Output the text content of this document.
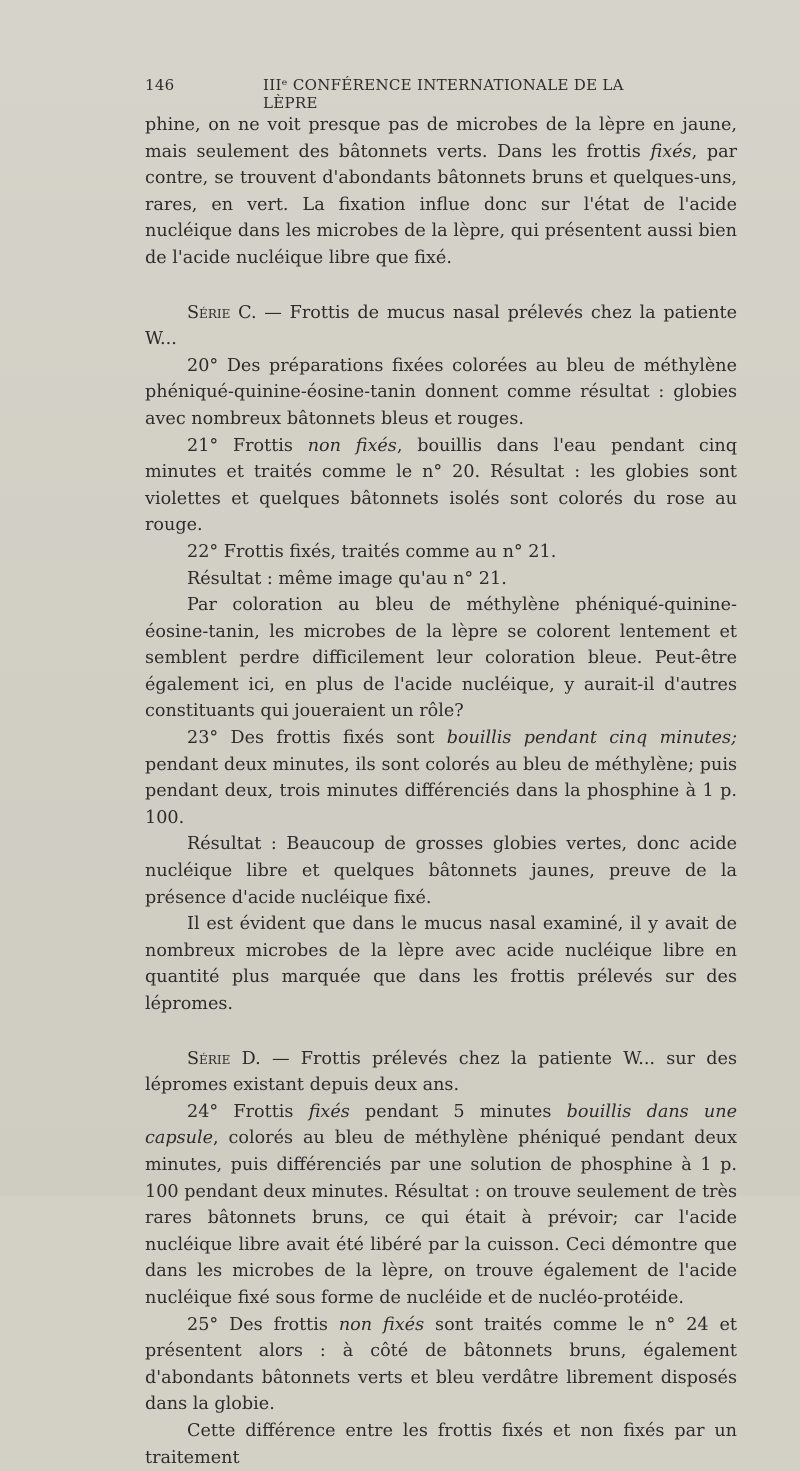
146	IIIᵉ CONFÉRENCE INTERNATIONALE DE LA LÈPRE

phine, on ne voit presque pas de microbes de la lèpre en jaune, mais seulement des bâtonnets verts. Dans les frottis fixés, par contre, se trouvent d'abondants bâtonnets bruns et quelques-uns, rares, en vert. La fixation influe donc sur l'état de l'acide nucléique dans les microbes de la lèpre, qui présentent aussi bien de l'acide nucléique libre que fixé.

Série C. — Frottis de mucus nasal prélevés chez la patiente W...

20° Des préparations fixées colorées au bleu de méthylène phéniqué-quinine-éosine-tanin donnent comme résultat : globies avec nombreux bâtonnets bleus et rouges.

21° Frottis non fixés, bouillis dans l'eau pendant cinq minutes et traités comme le n° 20. Résultat : les globies sont violettes et quelques bâtonnets isolés sont colorés du rose au rouge.

22° Frottis fixés, traités comme au n° 21.

Résultat : même image qu'au n° 21.

Par coloration au bleu de méthylène phéniqué-quinine-éosine-tanin, les microbes de la lèpre se colorent lentement et semblent perdre difficilement leur coloration bleue. Peut-être également ici, en plus de l'acide nucléique, y aurait-il d'autres constituants qui joueraient un rôle?

23° Des frottis fixés sont bouillis pendant cinq minutes; pendant deux minutes, ils sont colorés au bleu de méthylène; puis pendant deux, trois minutes différenciés dans la phosphine à 1 p. 100.

Résultat : Beaucoup de grosses globies vertes, donc acide nucléique libre et quelques bâtonnets jaunes, preuve de la présence d'acide nucléique fixé.

Il est évident que dans le mucus nasal examiné, il y avait de nombreux microbes de la lèpre avec acide nucléique libre en quantité plus marquée que dans les frottis prélevés sur des lépromes.

Série D. — Frottis prélevés chez la patiente W... sur des lépromes existant depuis deux ans.

24° Frottis fixés pendant 5 minutes bouillis dans une capsule, colorés au bleu de méthylène phéniqué pendant deux minutes, puis différenciés par une solution de phosphine à 1 p. 100 pendant deux minutes. Résultat : on trouve seulement de très rares bâtonnets bruns, ce qui était à prévoir; car l'acide nucléique libre avait été libéré par la cuisson. Ceci démontre que dans les microbes de la lèpre, on trouve également de l'acide nucléique fixé sous forme de nucléide et de nucléo-protéide.

25° Des frottis non fixés sont traités comme le n° 24 et présentent alors : à côté de bâtonnets bruns, également d'abondants bâtonnets verts et bleu verdâtre librement disposés dans la globie.

Cette différence entre les frottis fixés et non fixés par un traitement
